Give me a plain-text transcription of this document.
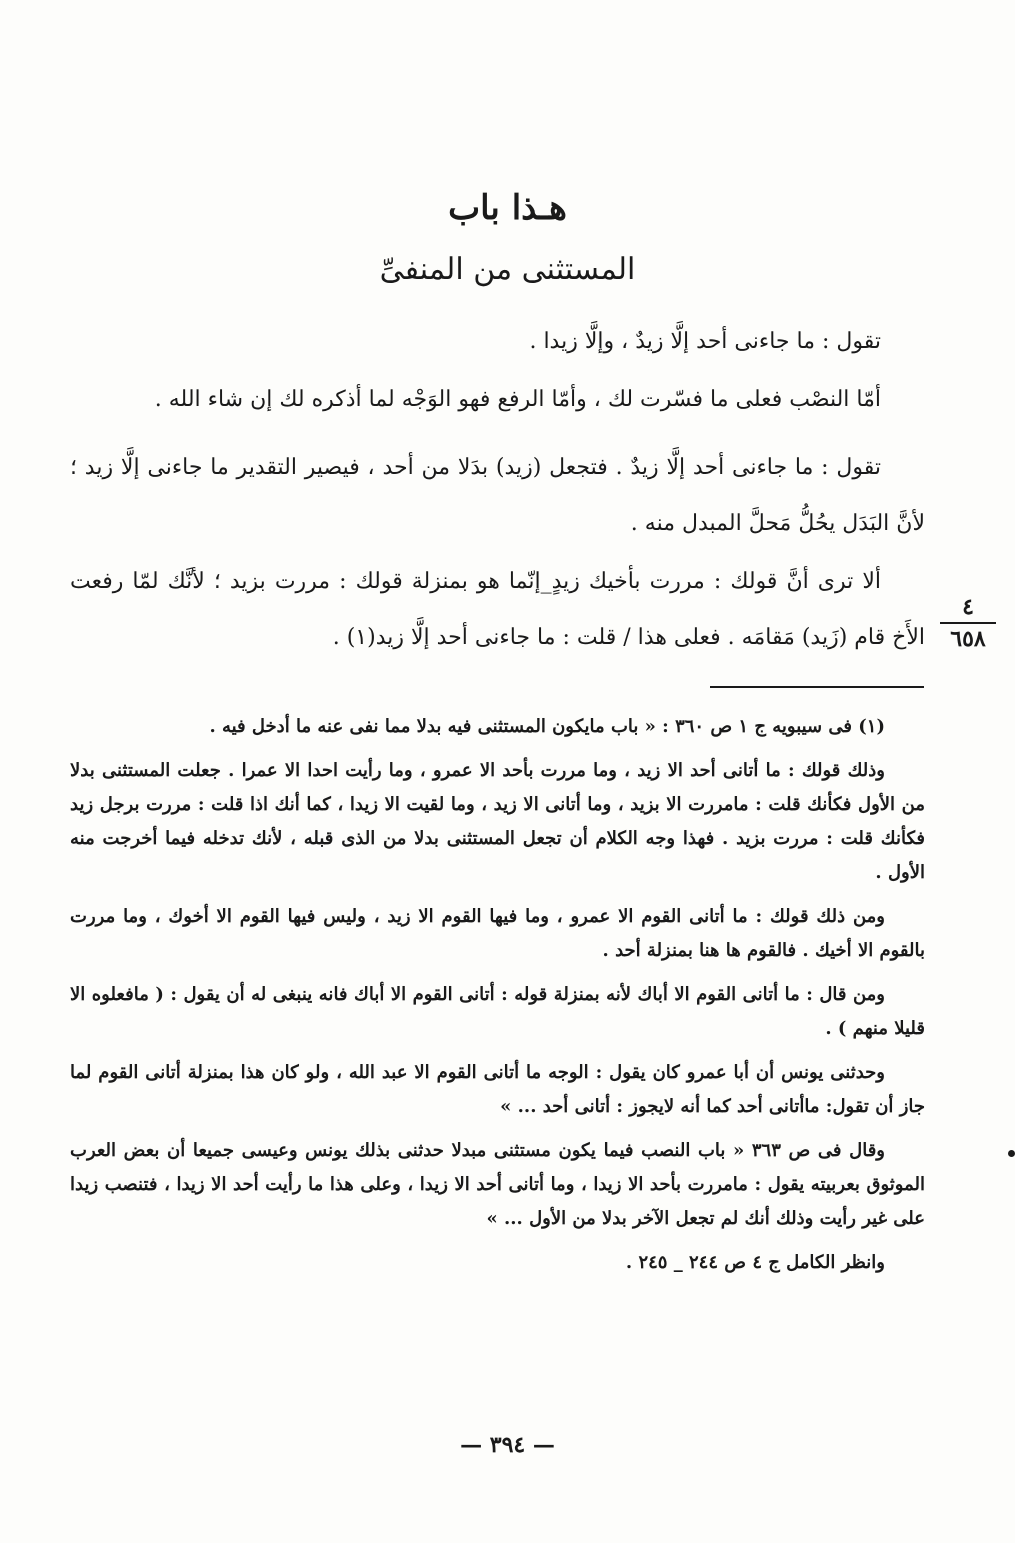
هـذا باب
المستثنى من المنفىِّ

تقول : ما جاءنى أحد إلَّا زيدٌ ، وإلَّا زيدا .

أمّا النصْب فعلى ما فسّرت لك ، وأمّا الرفع فهو الوَجْه لما أذكره لك إن شاء الله .

تقول : ما جاءنى أحد إلَّا زيدٌ . فتجعل (زيد) بدَلا من أحد ، فيصير التقدير ما جاءنى إلَّا زيد ؛ لأنَّ البَدَل يحُلُّ مَحلَّ المبدل منه .

ألا ترى أنَّ قولك : مررت بأخيك زيدٍ_إنّما هو بمنزلة قولك : مررت بزيد ؛ لأنَّك لمّا رفعت الأَخ قام (زَيد) مَقامَه . فعلى هذا / قلت : ما جاءنى أحد إلَّا زيد(١) .

٤
٦٥٨

(١) فى سيبويه ج ١ ص ٣٦٠ : « باب مايكون المستثنى فيه بدلا مما نفى عنه ما أدخل فيه .

وذلك قولك : ما أتانى أحد الا زيد ، وما مررت بأحد الا عمرو ، وما رأيت احدا الا عمرا . جعلت المستثنى بدلا من الأول فكأنك قلت : مامررت الا بزيد ، وما أتانى الا زيد ، وما لقيت الا زيدا ، كما أنك اذا قلت : مررت برجل زيد فكأنك قلت : مررت بزيد . فهذا وجه الكلام أن تجعل المستثنى بدلا من الذى قبله ، لأنك تدخله فيما أخرجت منه الأول .

ومن ذلك قولك : ما أتانى القوم الا عمرو ، وما فيها القوم الا زيد ، وليس فيها القوم الا أخوك ، وما مررت بالقوم الا أخيك . فالقوم ها هنا بمنزلة أحد .

ومن قال : ما أتانى القوم الا أباك لأنه بمنزلة قوله : أتانى القوم الا أباك فانه ينبغى له أن يقول : ( مافعلوه الا قليلا منهم ) .

وحدثنى يونس أن أبا عمرو كان يقول : الوجه ما أتانى القوم الا عبد الله ، ولو كان هذا بمنزلة أتانى القوم لما جاز أن تقول: ماأتانى أحد كما أنه لايجوز : أتانى أحد ... »

وقال فى ص ٣٦٣ « باب النصب فيما يكون مستثنى مبدلا حدثنى بذلك يونس وعيسى جميعا أن بعض العرب الموثوق بعربيته يقول : مامررت بأحد الا زيدا ، وما أتانى أحد الا زيدا ، وعلى هذا ما رأيت أحد الا زيدا ، فتنصب زيدا على غير رأيت وذلك أنك لم تجعل الآخر بدلا من الأول ... »

وانظر الكامل ج ٤ ص ٢٤٤ _ ٢٤٥ .

— ٣٩٤ —
